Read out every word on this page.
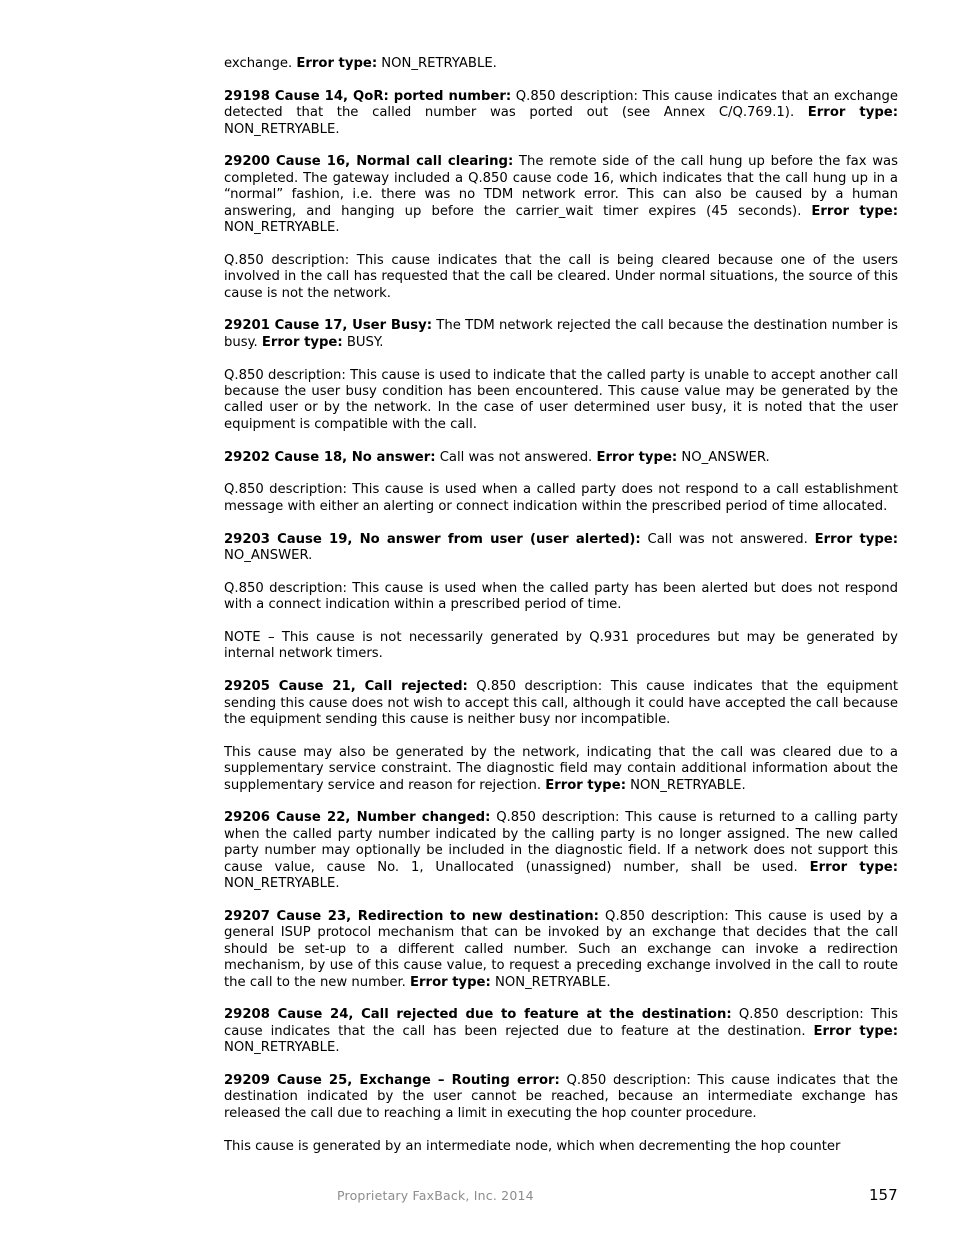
exchange. Error type: NON_RETRYABLE.

29198 Cause 14, QoR: ported number: Q.850 description: This cause indicates that an exchange detected that the called number was ported out (see Annex C/Q.769.1). Error type: NON_RETRYABLE.

29200 Cause 16, Normal call clearing: The remote side of the call hung up before the fax was completed. The gateway included a Q.850 cause code 16, which indicates that the call hung up in a “normal” fashion, i.e. there was no TDM network error. This can also be caused by a human answering, and hanging up before the carrier_wait timer expires (45 seconds). Error type: NON_RETRYABLE.

Q.850 description: This cause indicates that the call is being cleared because one of the users involved in the call has requested that the call be cleared. Under normal situations, the source of this cause is not the network.

29201 Cause 17, User Busy: The TDM network rejected the call because the destination number is busy. Error type: BUSY.

Q.850 description: This cause is used to indicate that the called party is unable to accept another call because the user busy condition has been encountered. This cause value may be generated by the called user or by the network. In the case of user determined user busy, it is noted that the user equipment is compatible with the call.

29202 Cause 18, No answer: Call was not answered. Error type: NO_ANSWER.

Q.850 description: This cause is used when a called party does not respond to a call establishment message with either an alerting or connect indication within the prescribed period of time allocated.

29203 Cause 19, No answer from user (user alerted): Call was not answered. Error type: NO_ANSWER.

Q.850 description: This cause is used when the called party has been alerted but does not respond with a connect indication within a prescribed period of time.

NOTE – This cause is not necessarily generated by Q.931 procedures but may be generated by internal network timers.

29205 Cause 21, Call rejected: Q.850 description: This cause indicates that the equipment sending this cause does not wish to accept this call, although it could have accepted the call because the equipment sending this cause is neither busy nor incompatible.

This cause may also be generated by the network, indicating that the call was cleared due to a supplementary service constraint. The diagnostic field may contain additional information about the supplementary service and reason for rejection. Error type: NON_RETRYABLE.

29206 Cause 22, Number changed: Q.850 description: This cause is returned to a calling party when the called party number indicated by the calling party is no longer assigned. The new called party number may optionally be included in the diagnostic field. If a network does not support this cause value, cause No. 1, Unallocated (unassigned) number, shall be used. Error type: NON_RETRYABLE.

29207 Cause 23, Redirection to new destination: Q.850 description: This cause is used by a general ISUP protocol mechanism that can be invoked by an exchange that decides that the call should be set-up to a different called number. Such an exchange can invoke a redirection mechanism, by use of this cause value, to request a preceding exchange involved in the call to route the call to the new number. Error type: NON_RETRYABLE.

29208 Cause 24, Call rejected due to feature at the destination: Q.850 description: This cause indicates that the call has been rejected due to feature at the destination. Error type: NON_RETRYABLE.

29209 Cause 25, Exchange – Routing error: Q.850 description: This cause indicates that the destination indicated by the user cannot be reached, because an intermediate exchange has released the call due to reaching a limit in executing the hop counter procedure.

This cause is generated by an intermediate node, which when decrementing the hop counter

Proprietary FaxBack, Inc. 2014	157
